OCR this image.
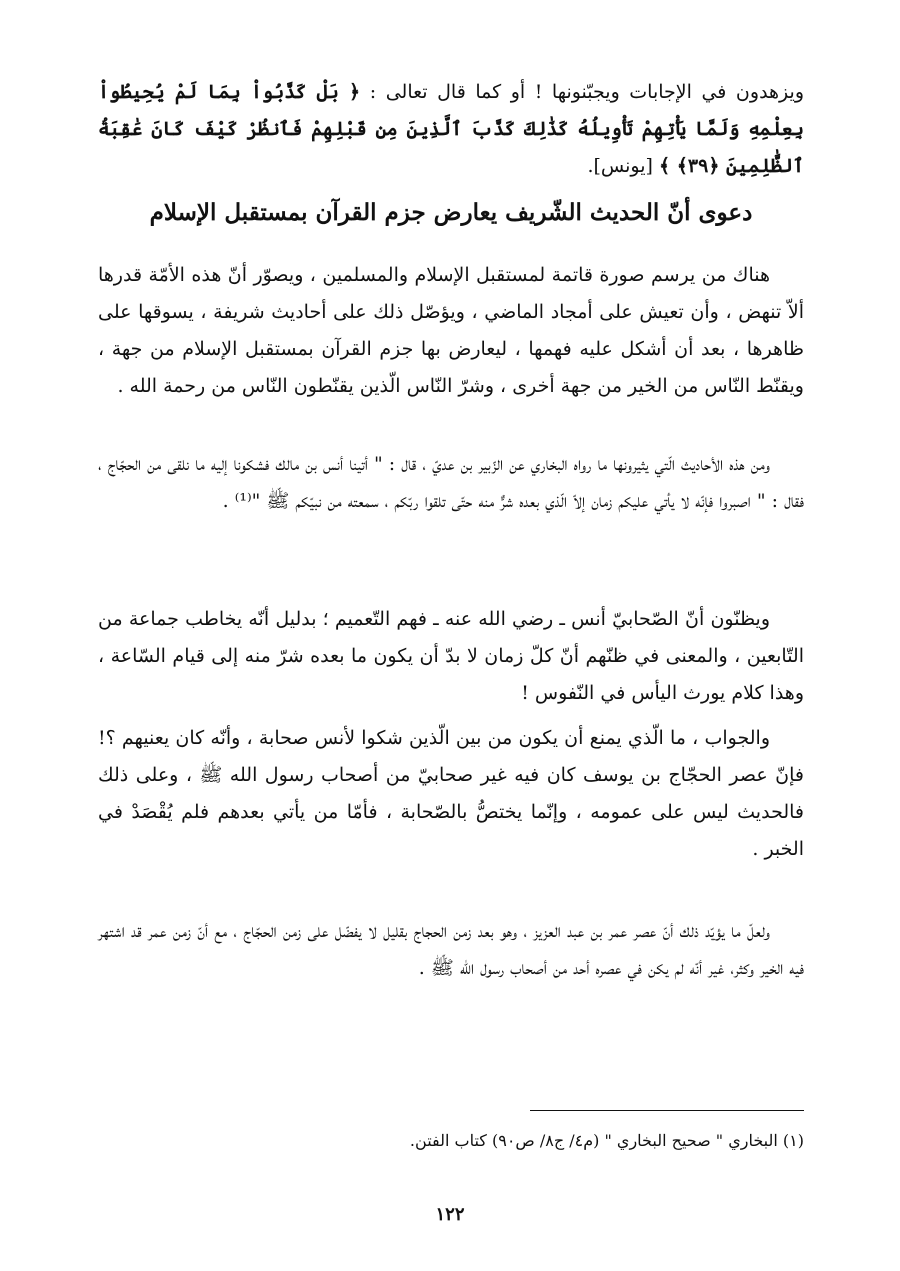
ويزهدون في الإجابات ويجبّنونها ! أو كما قال تعالى : ﴿ بَلْ كَذَّبُواْ بِمَا لَمْ يُحِيطُواْ بِعِلْمِهِ وَلَمَّا يَأْتِهِمْ تَأْوِيلُهُ كَذَٰلِكَ كَذَّبَ ٱلَّذِينَ مِن قَبْلِهِمْ فَٱنظُرْ كَيْفَ كَانَ عَٰقِبَةُ ٱلظَّٰلِمِينَ ﴿٣٩﴾ ﴾ [يونس].
دعوى أنّ الحديث الشّريف يعارض جزم القرآن بمستقبل الإسلام

هناك من يرسم صورة قاتمة لمستقبل الإسلام والمسلمين ، ويصوّر أنّ هذه الأمّة قدرها ألاّ تنهض ، وأن تعيش على أمجاد الماضي ، ويؤصّل ذلك على أحاديث شريفة ، يسوقها على ظاهرها ، بعد أن أشكل عليه فهمها ، ليعارض بها جزم القرآن بمستقبل الإسلام من جهة ، ويقنّط النّاس من الخير من جهة أخرى ، وشرّ النّاس الّذين يقنّطون النّاس من رحمة الله .

ومن هذه الأحاديث الّتي يثيرونها ما رواه البخاري عن الزّبير بن عديّ ، قال : " أتينا أنس بن مالك فشكونا إليه ما نلقى من الحجّاج ، فقال : " اصبروا فإنّه لا يأتي عليكم زمان إلاّ الّذي بعده شرٌّ منه حتّى تلقوا ربّكم ، سمعته من نبيّكم ﷺ "⁽¹⁾ .

ويظنّون أنّ الصّحابيّ أنس ـ رضي الله عنه ـ فهم التّعميم ؛ بدليل أنّه يخاطب جماعة من التّابعين ، والمعنى في ظنّهم أنّ كلّ زمان لا بدّ أن يكون ما بعده شرّ منه إلى قيام السّاعة ، وهذا كلام يورث اليأس في النّفوس !

والجواب ، ما الّذي يمنع أن يكون من بين الّذين شكوا لأنس صحابة ، وأنّه كان يعنيهم ؟! فإنّ عصر الحجّاج بن يوسف كان فيه غير صحابيّ من أصحاب رسول الله ﷺ ، وعلى ذلك فالحديث ليس على عمومه ، وإنّما يختصُّ بالصّحابة ، فأمّا من يأتي بعدهم فلم يُقْصَدْ في الخبر .

ولعلّ ما يؤيّد ذلك أنّ عصر عمر بن عبد العزيز ، وهو بعد زمن الحجاج بقليل لا يفضّل على زمن الحجّاج ، مع أنّ زمن عمر قد اشتهر فيه الخير وكثر، غير أنّه لم يكن في عصره أحد من أصحاب رسول الله ﷺ .

(١) البخاري " صحيح البخاري " (م٤/ ج٨/ ص٩٠) كتاب الفتن.
١٢٢
